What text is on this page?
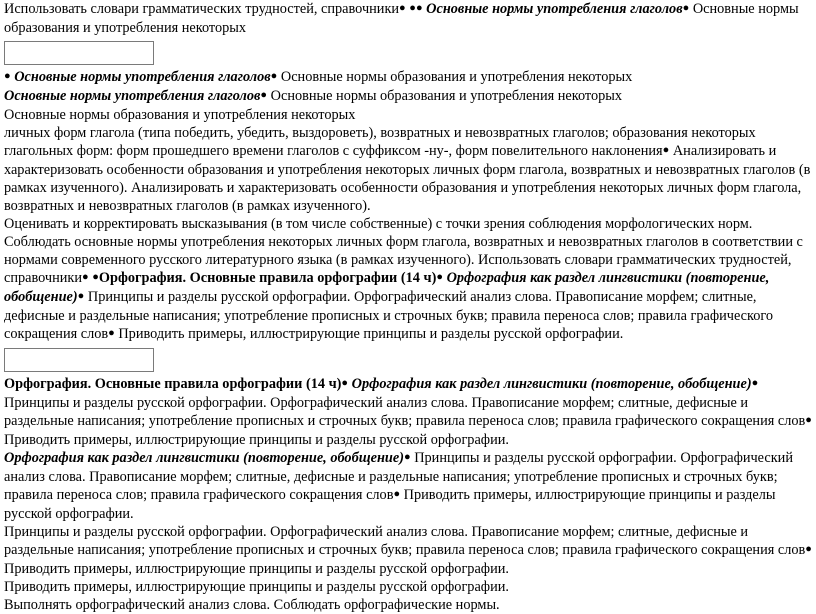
Использовать словари грамматических трудностей, справочники● ●● Основные нормы употребления глаголов● Основные нормы образования и употребления некоторых

● Основные нормы употребления глаголов● Основные нормы образования и употребления некоторых

Основные нормы употребления глаголов● Основные нормы образования и употребления некоторых

Основные нормы образования и употребления некоторых

личных форм глагола (типа победить, убедить, выздороветь), возвратных и невозвратных глаголов; образования некоторых глагольных форм: форм прошедшего времени глаголов с суффиксом -ну-, форм повелительного наклонения● Анализировать и характеризовать особенности образования и употребления некоторых личных форм глагола, возвратных и невозвратных глаголов (в рамках изученного). Анализировать и характеризовать особенности образования и употребления некоторых личных форм глагола, возвратных и невозвратных глаголов (в рамках изученного).

Оценивать и корректировать высказывания (в том числе собственные) с точки зрения соблюдения морфологических норм. Соблюдать основные нормы употребления некоторых личных форм глагола, возвратных и невозвратных глаголов в соответствии с нормами современного русского литературного языка (в рамках изученного). Использовать словари грамматических трудностей, справочники● ●Орфография. Основные правила орфографии (14 ч)● Орфография как раздел лингвистики (повторение, обобщение)● Принципы и разделы русской орфографии. Орфографический анализ слова. Правописание морфем; слитные, дефисные и раздельные написания; употребление прописных и строчных букв; правила переноса слов; правила графического сокращения слов● Приводить примеры, иллюстрирующие принципы и разделы русской орфографии.

Орфография. Основные правила орфографии (14 ч)● Орфография как раздел лингвистики (повторение, обобщение)● Принципы и разделы русской орфографии. Орфографический анализ слова. Правописание морфем; слитные, дефисные и раздельные написания; употребление прописных и строчных букв; правила переноса слов; правила графического сокращения слов● Приводить примеры, иллюстрирующие принципы и разделы русской орфографии.

Орфография как раздел лингвистики (повторение, обобщение)● Принципы и разделы русской орфографии. Орфографический анализ слова. Правописание морфем; слитные, дефисные и раздельные написания; употребление прописных и строчных букв; правила переноса слов; правила графического сокращения слов● Приводить примеры, иллюстрирующие принципы и разделы русской орфографии.

Принципы и разделы русской орфографии. Орфографический анализ слова. Правописание морфем; слитные, дефисные и раздельные написания; употребление прописных и строчных букв; правила переноса слов; правила графического сокращения слов● Приводить примеры, иллюстрирующие принципы и разделы русской орфографии.

Приводить примеры, иллюстрирующие принципы и разделы русской орфографии.

Выполнять орфографический анализ слова. Соблюдать орфографические нормы.
